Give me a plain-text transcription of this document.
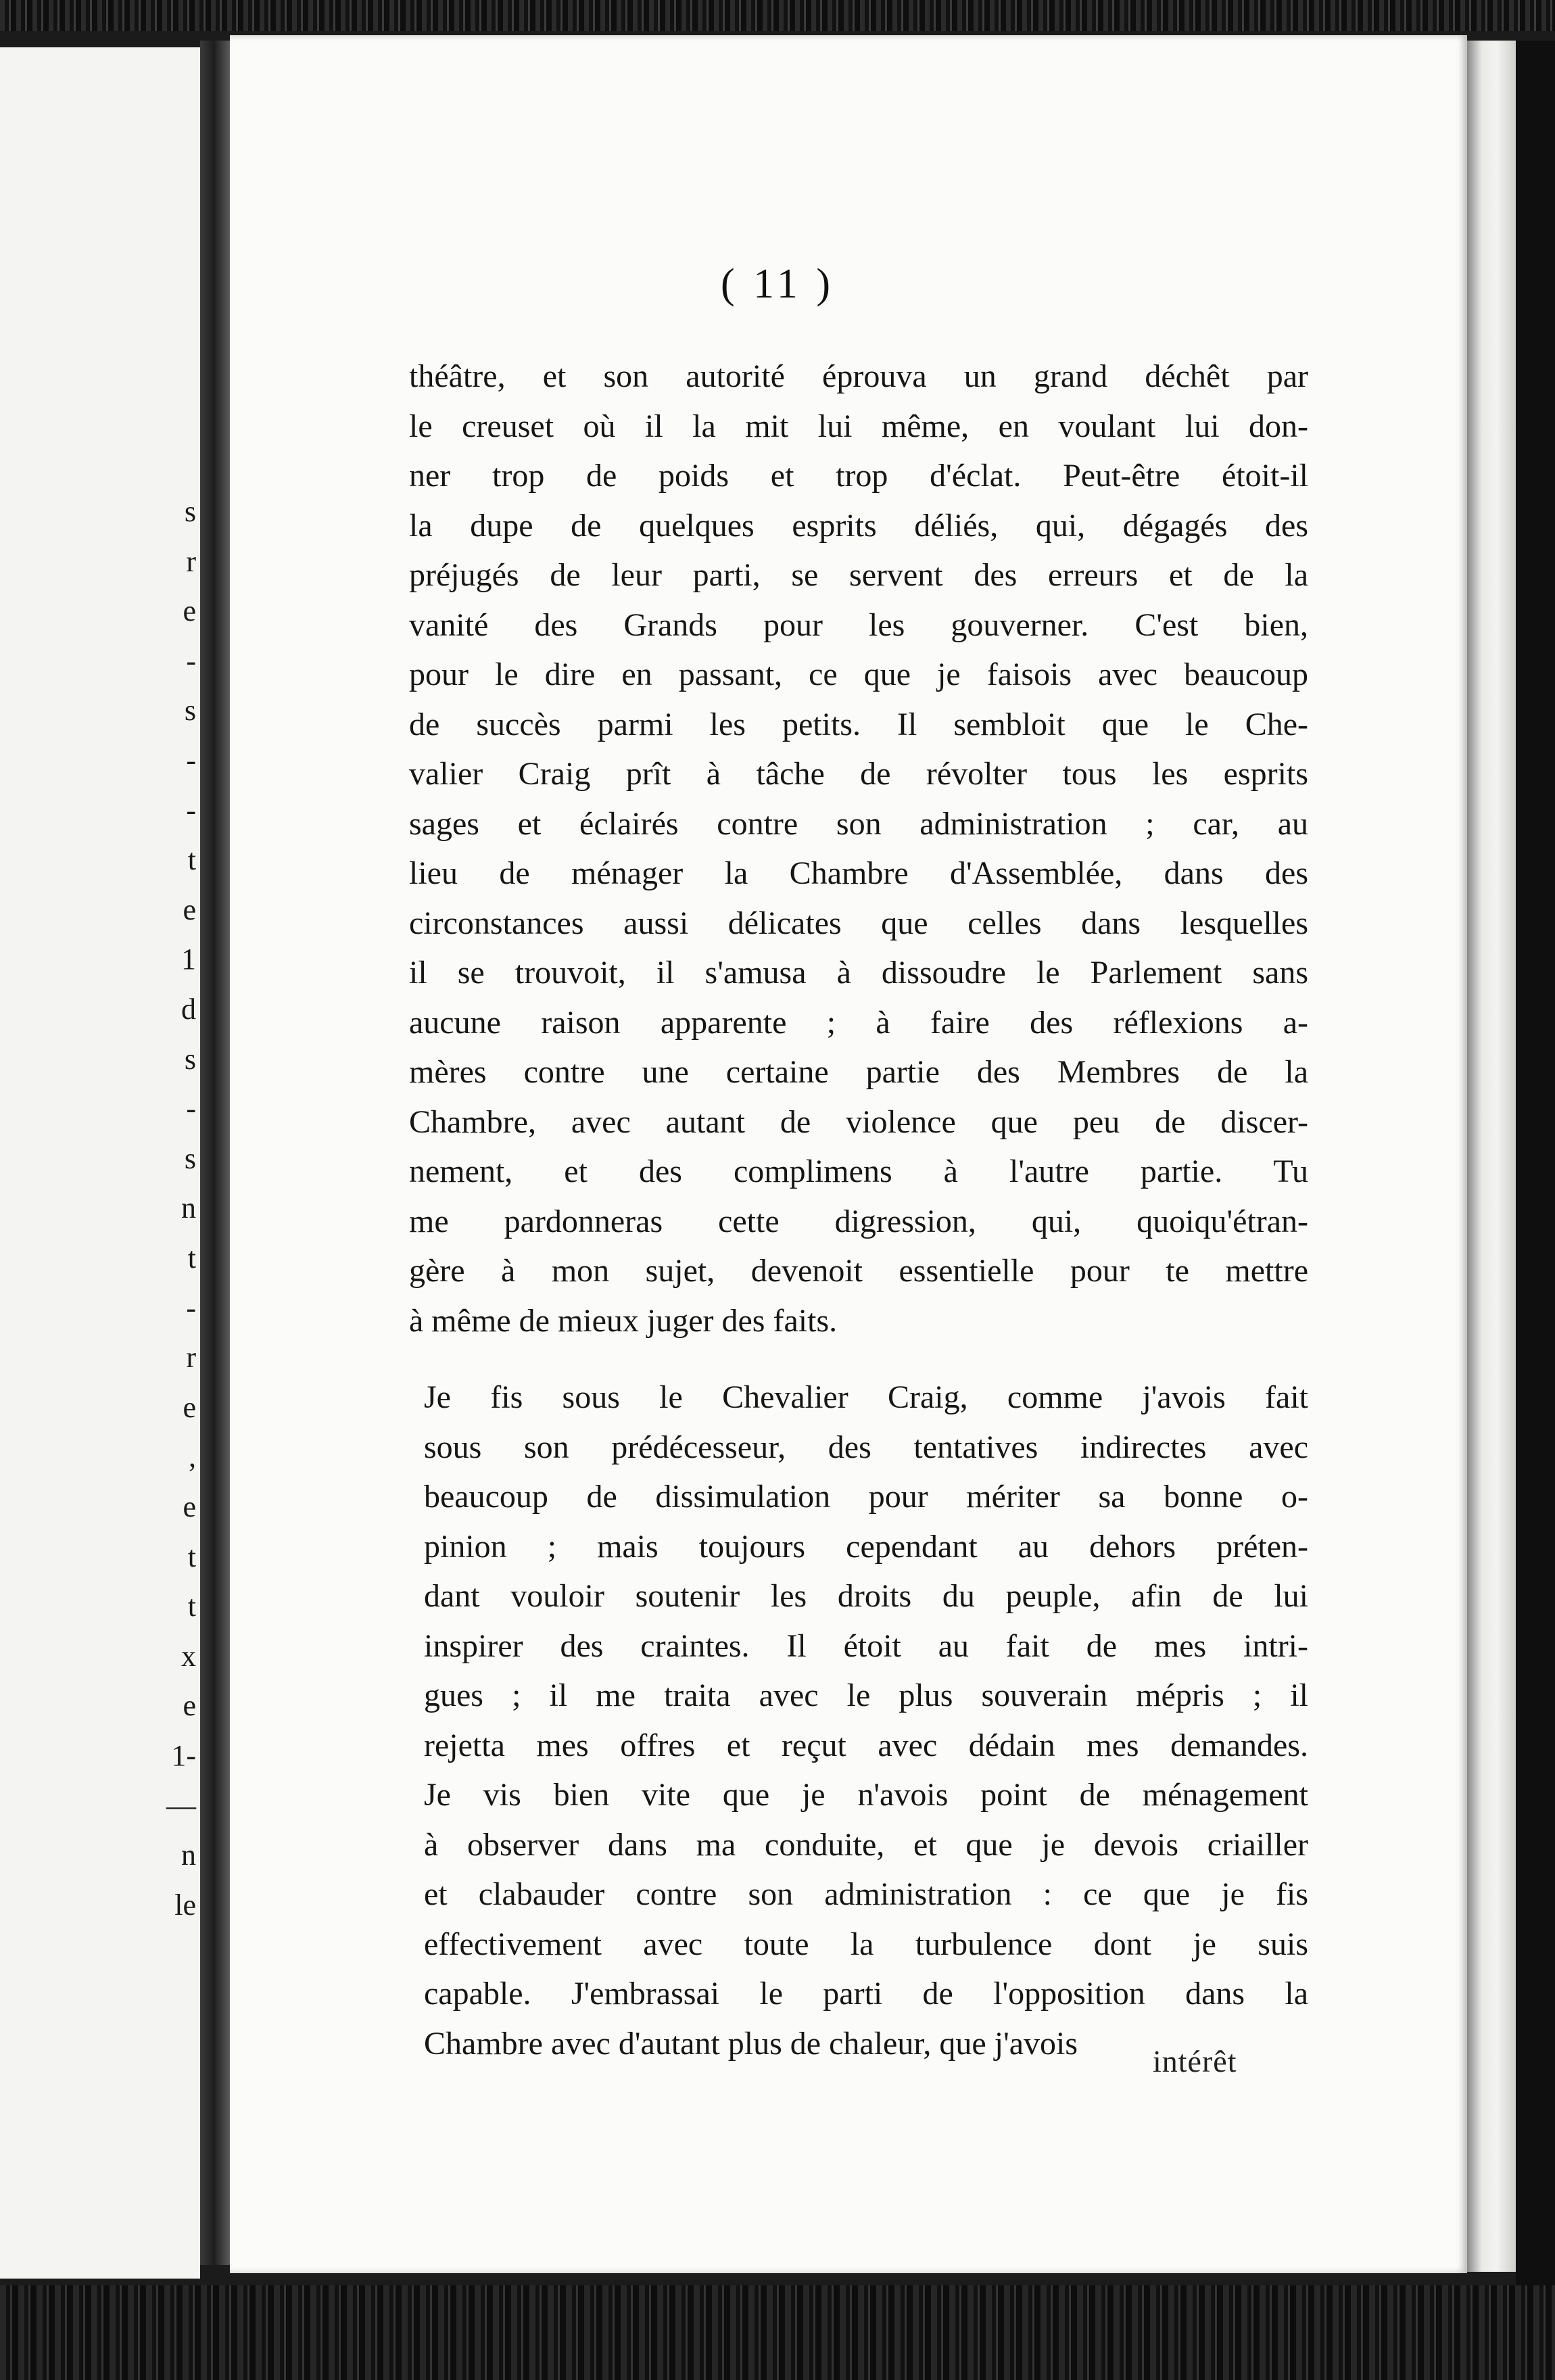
s
r
e
-
s
-
-
t
e
1
d
s
-
s
n
t
-
r
e
,
e
t
t
x
e
1-
—
n
le
( 11 )
théâtre, et son autorité éprouva un grand déchêt par
le creuset où il la mit lui même, en voulant lui don-
ner trop de poids et trop d'éclat. Peut-être étoit-il
la dupe de quelques esprits déliés, qui, dégagés des
préjugés de leur parti, se servent des erreurs et de la
vanité des Grands pour les gouverner. C'est bien,
pour le dire en passant, ce que je faisois avec beaucoup
de succès parmi les petits. Il sembloit que le Che-
valier Craig prît à tâche de révolter tous les esprits
sages et éclairés contre son administration ; car, au
lieu de ménager la Chambre d'Assemblée, dans des
circonstances aussi délicates que celles dans lesquelles
il se trouvoit, il s'amusa à dissoudre le Parlement sans
aucune raison apparente ; à faire des réflexions a-
mères contre une certaine partie des Membres de la
Chambre, avec autant de violence que peu de discer-
nement, et des complimens à l'autre partie. Tu
me pardonneras cette digression, qui, quoiqu'étran-
gère à mon sujet, devenoit essentielle pour te mettre
à même de mieux juger des faits.
Je fis sous le Chevalier Craig, comme j'avois fait
sous son prédécesseur, des tentatives indirectes avec
beaucoup de dissimulation pour mériter sa bonne o-
pinion ; mais toujours cependant au dehors préten-
dant vouloir soutenir les droits du peuple, afin de lui
inspirer des craintes. Il étoit au fait de mes intri-
gues ; il me traita avec le plus souverain mépris ; il
rejetta mes offres et reçut avec dédain mes demandes.
Je vis bien vite que je n'avois point de ménagement
à observer dans ma conduite, et que je devois criailler
et clabauder contre son administration : ce que je fis
effectivement avec toute la turbulence dont je suis
capable. J'embrassai le parti de l'opposition dans la
Chambre avec d'autant plus de chaleur, que j'avois	intérêt
